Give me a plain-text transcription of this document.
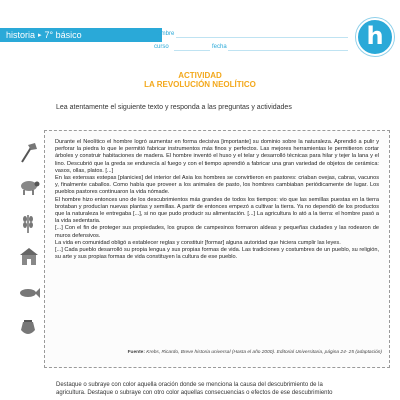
historia ▸ 7° básico	nombre
curso	fecha	h
ACTIVIDAD
LA REVOLUCIÓN NEOLÍTICO
Lea atentamente el siguiente texto y responda a las preguntas y actividades

Durante el Neolítico el hombre logró aumentar en forma decisiva [importante] su dominio sobre la naturaleza. Aprendió a pulir y perforar la piedra lo que le permitió fabricar instrumentos más finos y perfectos. Las mejores herramientas le permitieron cortar árboles y construir habitaciones de madera. El hombre inventó el huso y el telar y desarrolló técnicas para hilar y tejer la lana y el lino. Descubrió que la greda se endurecía al fuego y con el tiempo aprendió a fabricar una gran variedad de objetos de cerámica: vasos, ollas, platos. [...]

En las extensas estepas [planicies] del interior del Asia los hombres se convirtieron en pastores: criaban ovejas, cabras, vacunos y, finalmente caballos. Como había que proveer a los animales de pasto, los hombres cambiaban periódicamente de lugar. Los pueblos pastores continuaron la vida nómade.

El hombre hizo entonces uno de los descubrimientos más grandes de todos los tiempos: vio que las semillas puestas en la tierra brotaban y producían nuevas plantas y semillas. A partir de entonces empezó a cultivar la tierra. Ya no dependió de los productos que la naturaleza le entregaba [...], si no que pudo producir su alimentación. [...] La agricultura lo ató a la tierra: el hombre pasó a la vida sedentaria.

[...] Con el fin de proteger sus propiedades, los grupos de campesinos formaron aldeas y pequeñas ciudades y las rodearon de muros defensivos.

La vida en comunidad obligó a establecer reglas y constituir [formar] alguna autoridad que hiciera cumplir las leyes.

[...] Cada pueblo desarrolló su propia lengua y sus propias formas de vida. Las tradiciones y costumbres de un pueblo, su religión, su arte y sus propias formas de vida constituyen la cultura de ese pueblo.

Fuente: Krebs, Ricardo, Breve historia universal (Hasta el año 2000). Editorial Universitaria, página 24- 25 (adaptación)
Destaque o subraye con color aquella oración donde se menciona la causa del descubrimiento de la
agricultura. Destaque o subraye con otro color aquellas consecuencias o efectos de ese descubrimiento
